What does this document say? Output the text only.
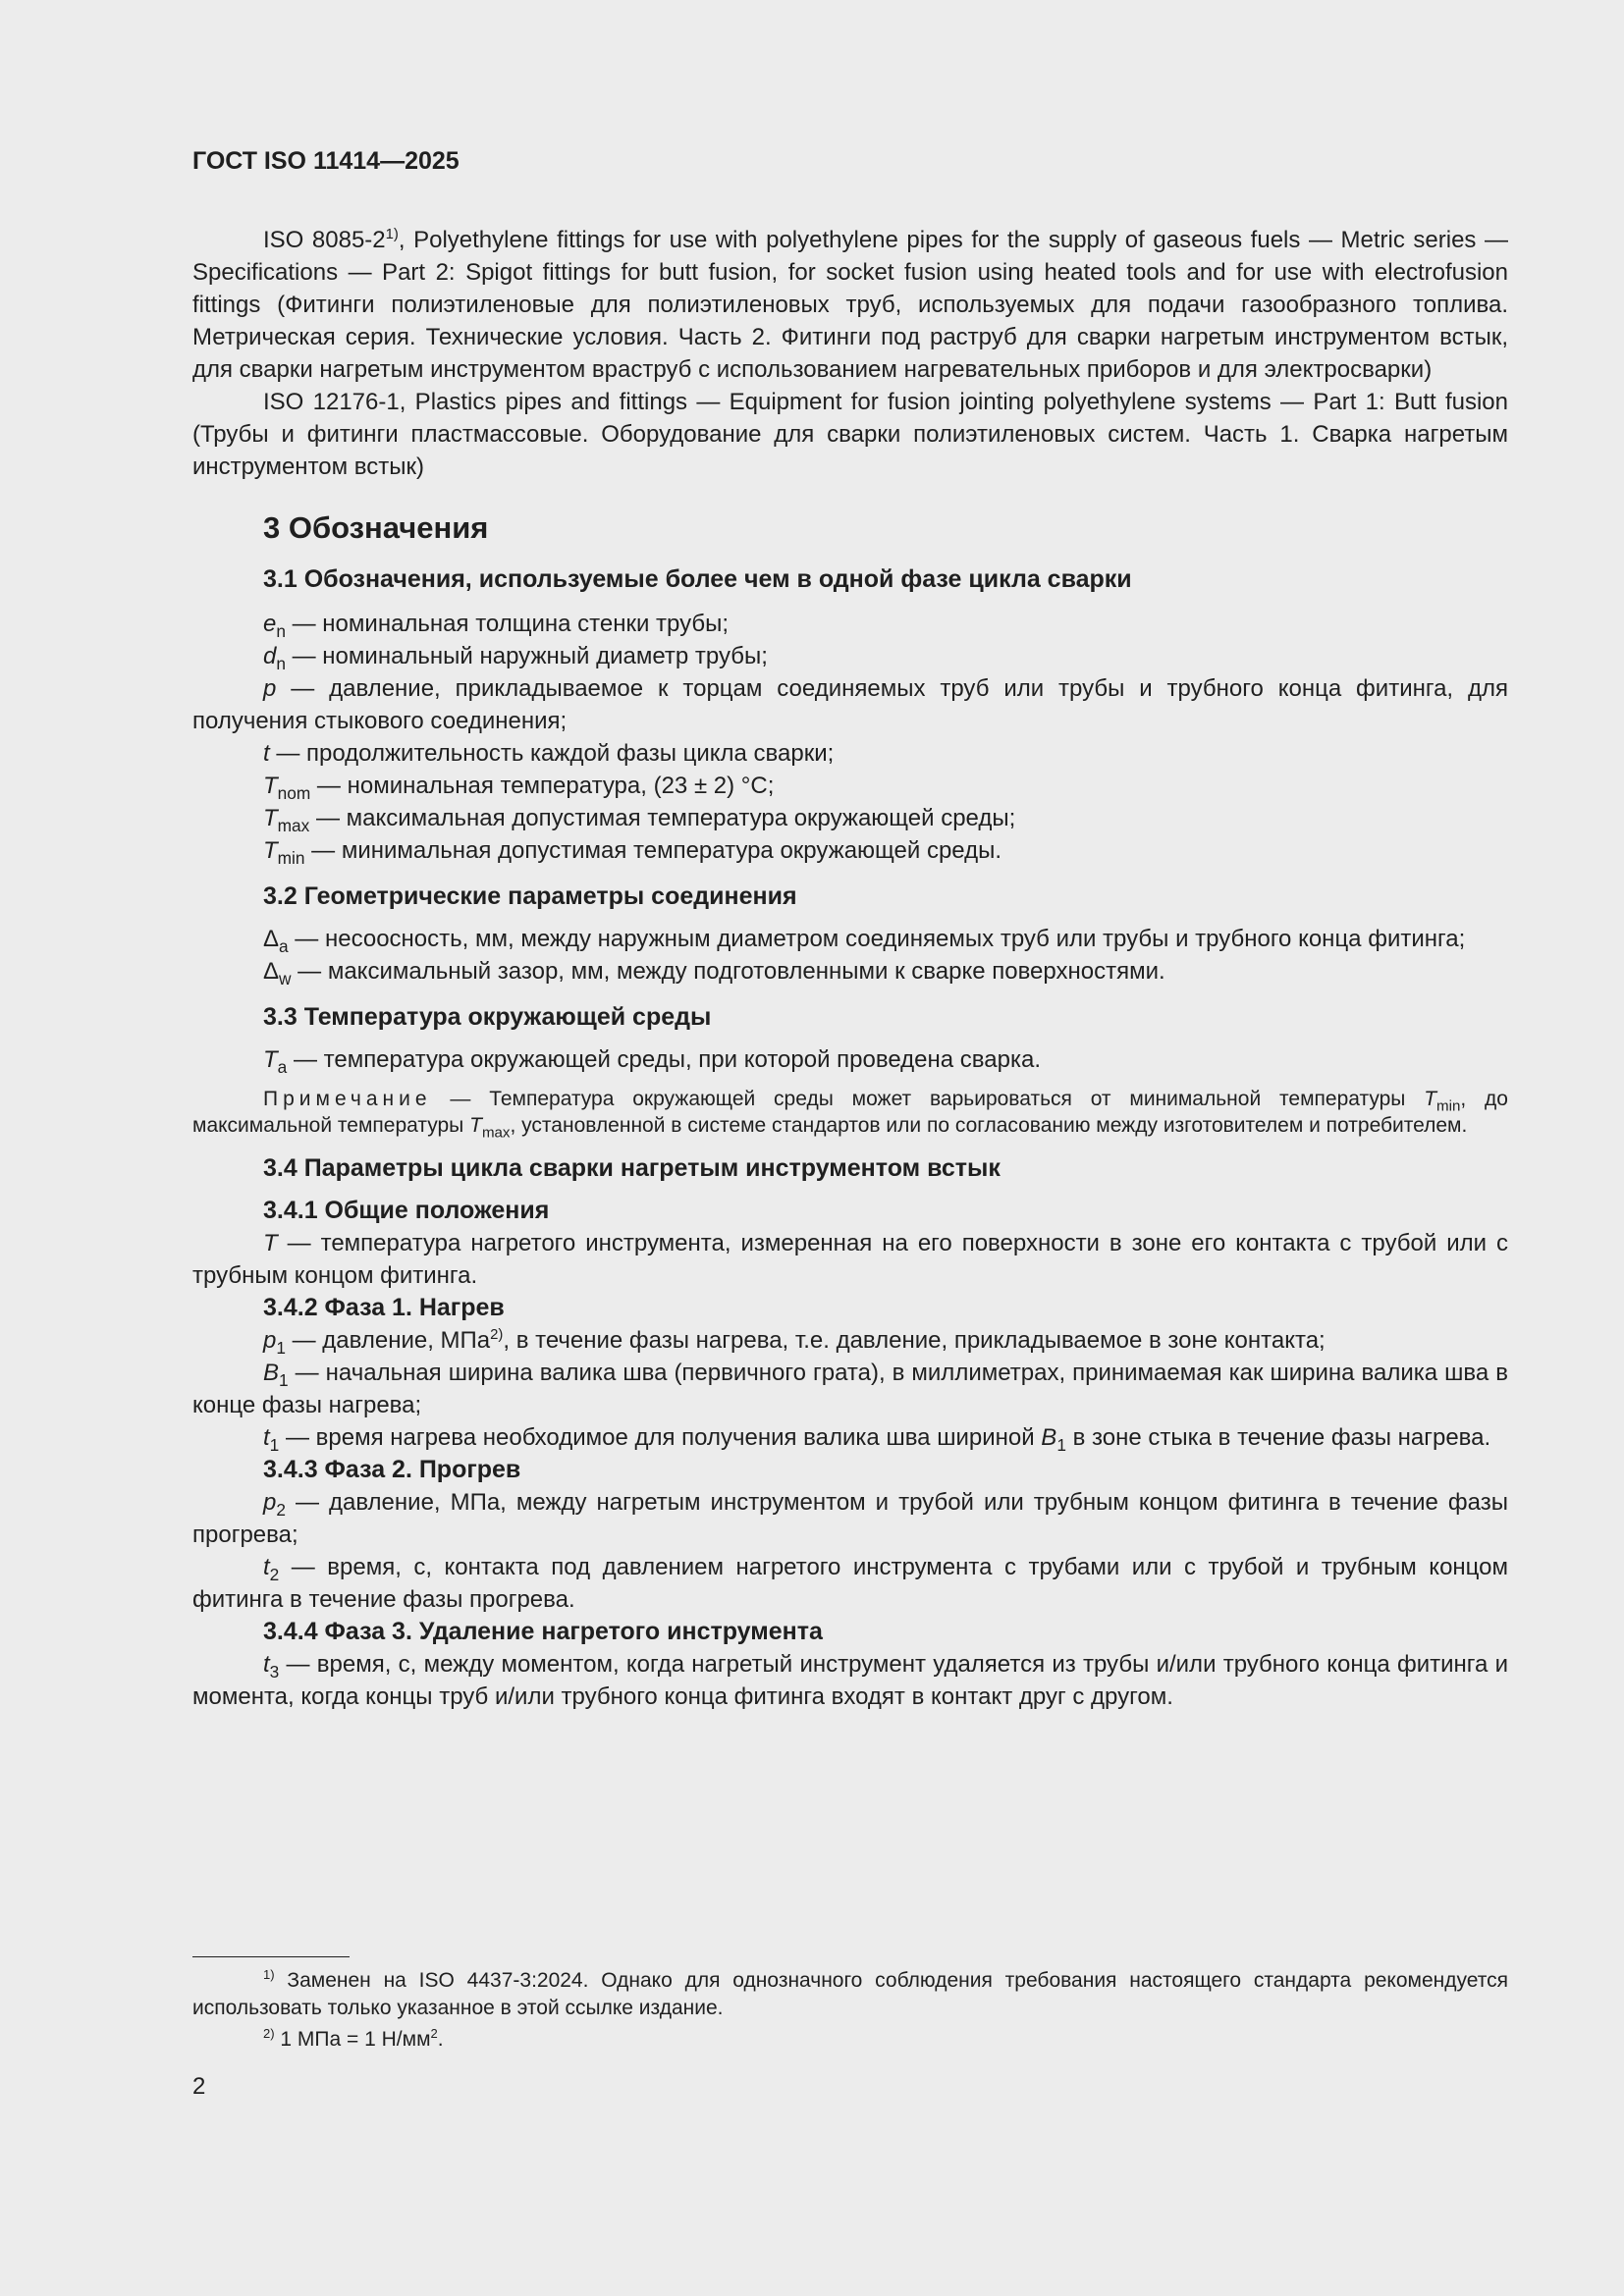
ГОСТ ISO 11414—2025

ISO 8085-2$^{1)}$, Polyethylene fittings for use with polyethylene pipes for the supply of gaseous fuels — Metric series — Specifications — Part 2: Spigot fittings for butt fusion, for socket fusion using heated tools and for use with electrofusion fittings (Фитинги полиэтиленовые для полиэтиленовых труб, используемых для подачи газообразного топлива. Метрическая серия. Технические условия. Часть 2. Фитинги под раструб для сварки нагретым инструментом встык, для сварки нагретым инструментом враструб с использованием нагревательных приборов и для электросварки)

ISO 12176-1, Plastics pipes and fittings — Equipment for fusion jointing polyethylene systems — Part 1: Butt fusion (Трубы и фитинги пластмассовые. Оборудование для сварки полиэтиленовых систем. Часть 1. Сварка нагретым инструментом встык)

3 Обозначения
3.1 Обозначения, используемые более чем в одной фазе цикла сварки

$e_n$ — номинальная толщина стенки трубы;

$d_n$ — номинальный наружный диаметр трубы;

p — давление, прикладываемое к торцам соединяемых труб или трубы и трубного конца фитинга, для получения стыкового соединения;

t — продолжительность каждой фазы цикла сварки;

$T_{nom}$ — номинальная температура, (23 ± 2) °C;

$T_{max}$ — максимальная допустимая температура окружающей среды;

$T_{min}$ — минимальная допустимая температура окружающей среды.

3.2 Геометрические параметры соединения

$\Delta_a$ — несоосность, мм, между наружным диаметром соединяемых труб или трубы и трубного конца фитинга;

$\Delta_w$ — максимальный зазор, мм, между подготовленными к сварке поверхностями.

3.3 Температура окружающей среды

$T_a$ — температура окружающей среды, при которой проведена сварка.

Примечание — Температура окружающей среды может варьироваться от минимальной температуры $T_{min}$, до максимальной температуры $T_{max}$, установленной в системе стандартов или по согласованию между изготовителем и потребителем.

3.4 Параметры цикла сварки нагретым инструментом встык
3.4.1 Общие положения

T — температура нагретого инструмента, измеренная на его поверхности в зоне его контакта с трубой или с трубным концом фитинга.

3.4.2 Фаза 1. Нагрев

$p_1$ — давление, МПа$^{2)}$, в течение фазы нагрева, т.е. давление, прикладываемое в зоне контакта;

$B_1$ — начальная ширина валика шва (первичного грата), в миллиметрах, принимаемая как ширина валика шва в конце фазы нагрева;

$t_1$ — время нагрева необходимое для получения валика шва шириной $B_1$ в зоне стыка в течение фазы нагрева.

3.4.3 Фаза 2. Прогрев

$p_2$ — давление, МПа, между нагретым инструментом и трубой или трубным концом фитинга в течение фазы прогрева;

$t_2$ — время, с, контакта под давлением нагретого инструмента с трубами или с трубой и трубным концом фитинга в течение фазы прогрева.

3.4.4 Фаза 3. Удаление нагретого инструмента

$t_3$ — время, с, между моментом, когда нагретый инструмент удаляется из трубы и/или трубного конца фитинга и момента, когда концы труб и/или трубного конца фитинга входят в контакт друг с другом.

$^{1)}$ Заменен на ISO 4437-3:2024. Однако для однозначного соблюдения требования настоящего стандарта рекомендуется использовать только указанное в этой ссылке издание.

$^{2)}$ 1 МПа = 1 $Н/мм^2$.

2
